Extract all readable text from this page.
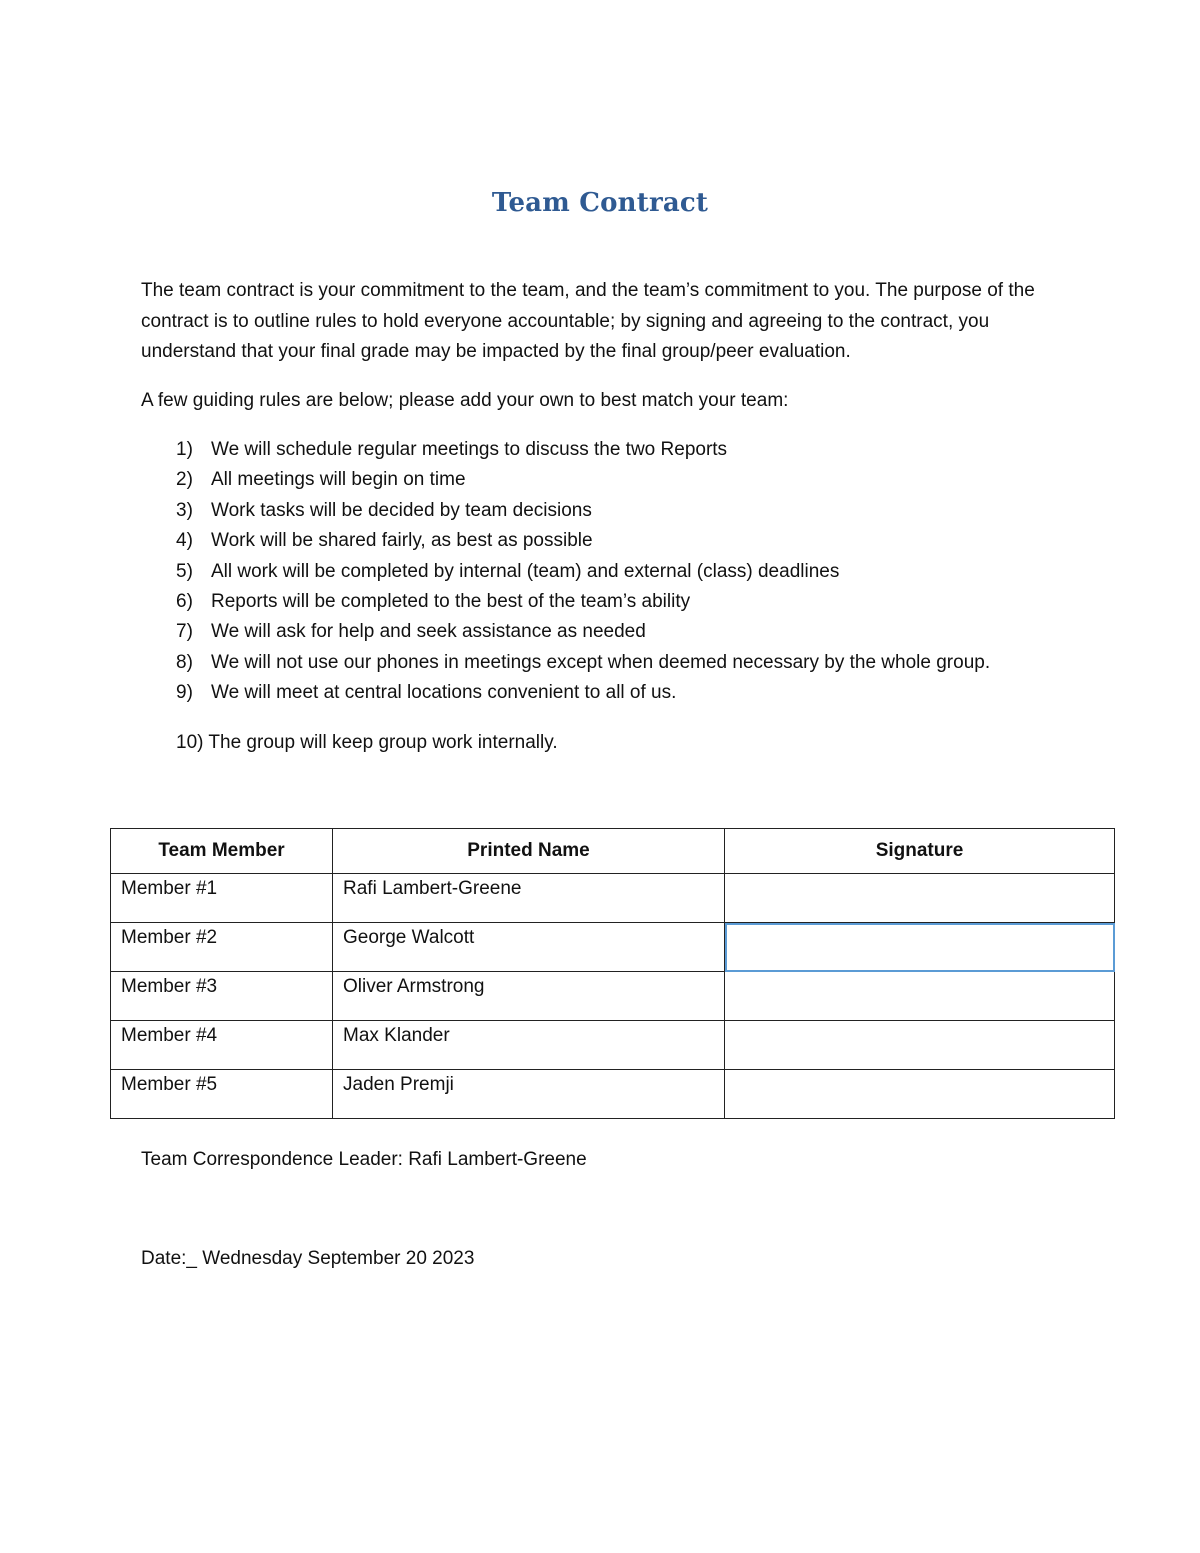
Team Contract

The team contract is your commitment to the team, and the team’s commitment to you. The purpose of the contract is to outline rules to hold everyone accountable; by signing and agreeing to the contract, you understand that your final grade may be impacted by the final group/peer evaluation.

A few guiding rules are below; please add your own to best match your team:
1) We will schedule regular meetings to discuss the two Reports
2) All meetings will begin on time
3) Work tasks will be decided by team decisions
4) Work will be shared fairly, as best as possible
5) All work will be completed by internal (team) and external (class) deadlines
6) Reports will be completed to the best of the team’s ability
7) We will ask for help and seek assistance as needed
8) We will not use our phones in meetings except when deemed necessary by the whole group.
9) We will meet at central locations convenient to all of us.
10) The group will keep group work internally.
Team Member	Printed Name	Signature
Member #1	Rafi Lambert-Greene	
Member #2	George Walcott	
Member #3	Oliver Armstrong	
Member #4	Max Klander	
Member #5	Jaden Premji	
Team Correspondence Leader: Rafi Lambert-Greene
Date:_ Wednesday September 20 2023
